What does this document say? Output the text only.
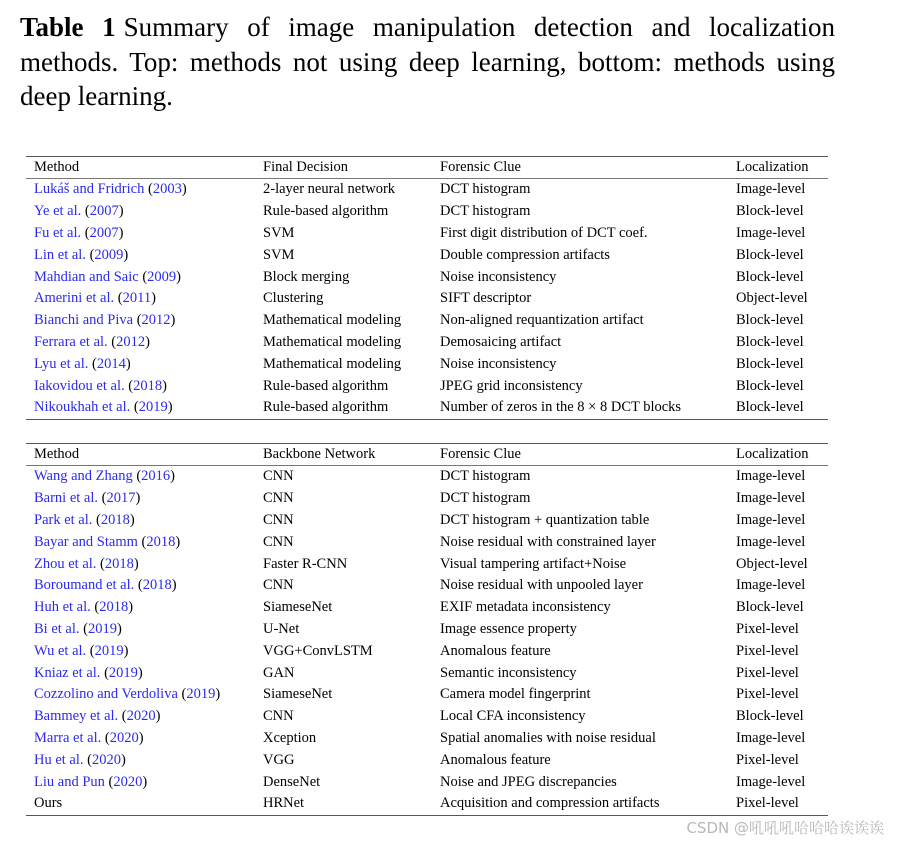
Table 1 Summary of image manipulation detection and localization methods. Top: methods not using deep learning, bottom: methods using deep learning.
Method	Final Decision	Forensic Clue	Localization
Lukáš and Fridrich (2003)	2-layer neural network	DCT histogram	Image-level
Ye et al. (2007)	Rule-based algorithm	DCT histogram	Block-level
Fu et al. (2007)	SVM	First digit distribution of DCT coef.	Image-level
Lin et al. (2009)	SVM	Double compression artifacts	Block-level
Mahdian and Saic (2009)	Block merging	Noise inconsistency	Block-level
Amerini et al. (2011)	Clustering	SIFT descriptor	Object-level
Bianchi and Piva (2012)	Mathematical modeling	Non-aligned requantization artifact	Block-level
Ferrara et al. (2012)	Mathematical modeling	Demosaicing artifact	Block-level
Lyu et al. (2014)	Mathematical modeling	Noise inconsistency	Block-level
Iakovidou et al. (2018)	Rule-based algorithm	JPEG grid inconsistency	Block-level
Nikoukhah et al. (2019)	Rule-based algorithm	Number of zeros in the 8 × 8 DCT blocks	Block-level
Method	Backbone Network	Forensic Clue	Localization
Wang and Zhang (2016)	CNN	DCT histogram	Image-level
Barni et al. (2017)	CNN	DCT histogram	Image-level
Park et al. (2018)	CNN	DCT histogram + quantization table	Image-level
Bayar and Stamm (2018)	CNN	Noise residual with constrained layer	Image-level
Zhou et al. (2018)	Faster R-CNN	Visual tampering artifact+Noise	Object-level
Boroumand et al. (2018)	CNN	Noise residual with unpooled layer	Image-level
Huh et al. (2018)	SiameseNet	EXIF metadata inconsistency	Block-level
Bi et al. (2019)	U-Net	Image essence property	Pixel-level
Wu et al. (2019)	VGG+ConvLSTM	Anomalous feature	Pixel-level
Kniaz et al. (2019)	GAN	Semantic inconsistency	Pixel-level
Cozzolino and Verdoliva (2019)	SiameseNet	Camera model fingerprint	Pixel-level
Bammey et al. (2020)	CNN	Local CFA inconsistency	Block-level
Marra et al. (2020)	Xception	Spatial anomalies with noise residual	Image-level
Hu et al. (2020)	VGG	Anomalous feature	Pixel-level
Liu and Pun (2020)	DenseNet	Noise and JPEG discrepancies	Image-level
Ours	HRNet	Acquisition and compression artifacts	Pixel-level
CSDN @吼吼吼哈哈哈诶诶诶
